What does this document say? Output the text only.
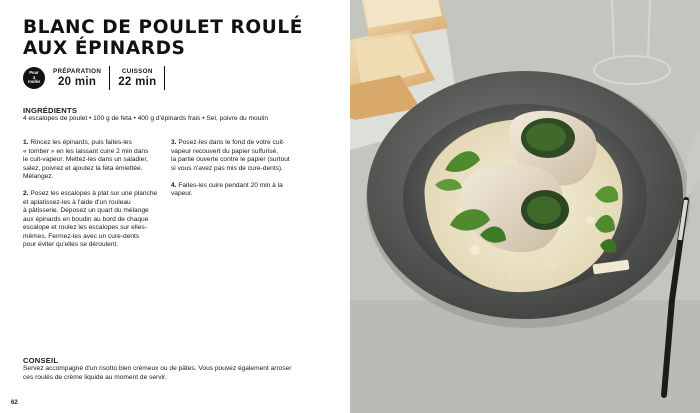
BLANC DE POULET ROULÉ
AUX ÉPINARDS
Pour
4
roulés
PRÉPARATION
20 min
CUISSON
22 min
INGRÉDIENTS
4 escalopes de poulet • 100 g de feta • 400 g d'épinards frais • Sel, poivre du moulin

1. Rincez les épinards, puis faites-les

« tomber » en les laissant cuire 2 min dans

le cuit-vapeur. Mettez-les dans un saladier,

salez, poivrez et ajoutez la feta émiettée.

Mélangez.

2. Posez les escalopes à plat sur une planche

et aplatissez-les à l'aide d'un rouleau

à pâtisserie. Déposez un quart du mélange

aux épinards en boudin au bord de chaque

escalope et roulez les escalopes sur elles-

mêmes. Fermez-les avec un cure-dents

pour éviter qu'elles se déroulent.

3. Posez-les dans le fond de votre cuit-

vapeur recouvert du papier sulfurisé,

la partie ouverte contre le papier (surtout

si vous n'avez pas mis de cure-dents).

4. Faites-les cuire pendant 20 min à la

vapeur.

CONSEIL

Servez accompagné d'un risotto bien crémeux ou de pâtes. Vous pouvez également arroser

ces roulés de crème liquide au moment de servir.

62
